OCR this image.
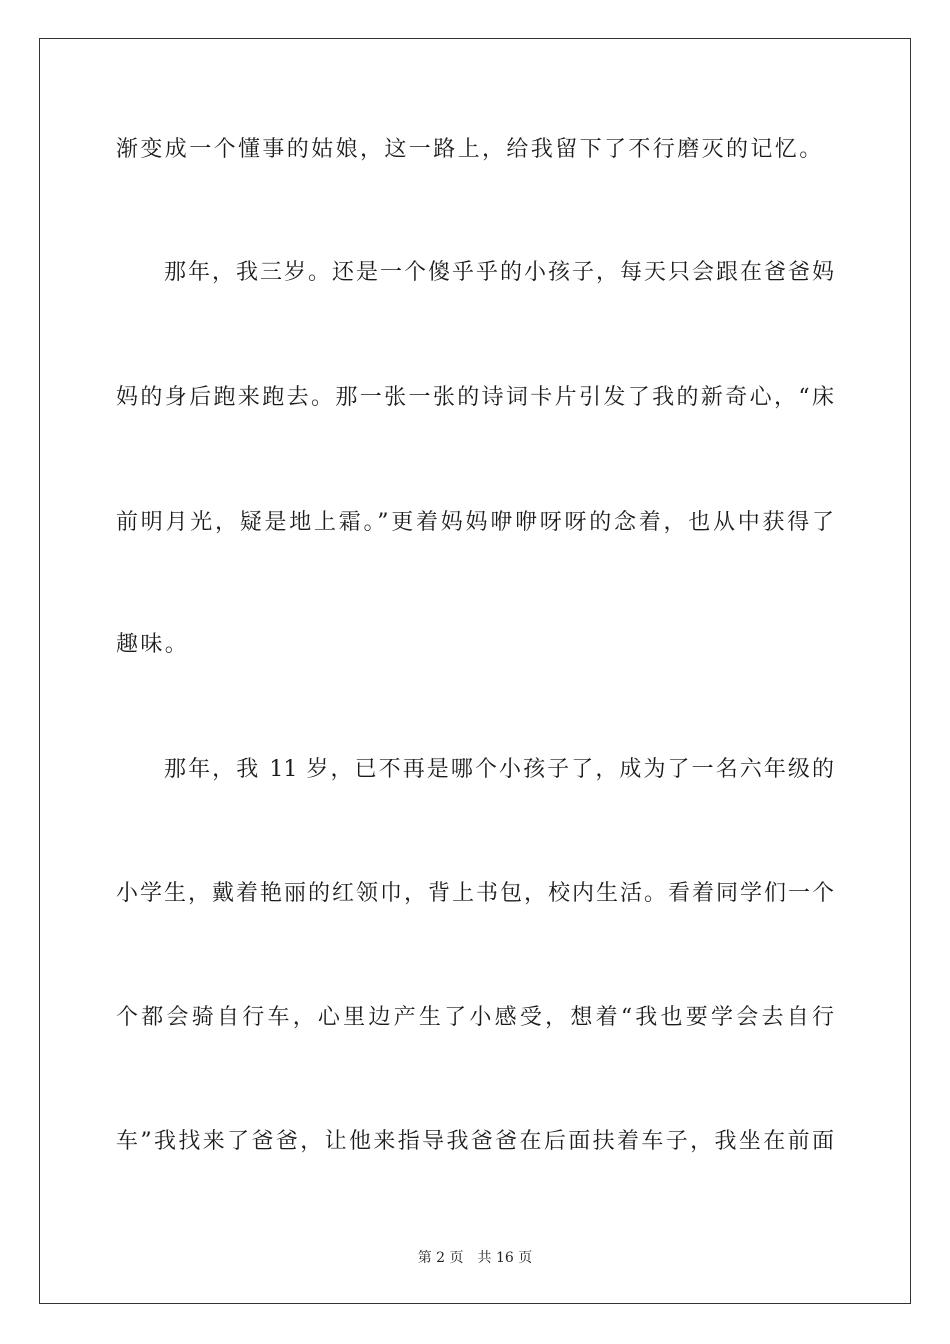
渐变成一个懂事的姑娘，这一路上，给我留下了不行磨灭的记忆。
那年，我三岁。还是一个傻乎乎的小孩子，每天只会跟在爸爸妈
妈的身后跑来跑去。那一张一张的诗词卡片引发了我的新奇心，“床
前明月光，疑是地上霜。”更着妈妈咿咿呀呀的念着，也从中获得了
趣味。
那年，我 11 岁，已不再是哪个小孩子了，成为了一名六年级的
小学生，戴着艳丽的红领巾，背上书包，校内生活。看着同学们一个
个都会骑自行车，心里边产生了小感受，想着“我也要学会去自行
车”我找来了爸爸，让他来指导我爸爸在后面扶着车子，我坐在前面
第 2 页 共 16 页
